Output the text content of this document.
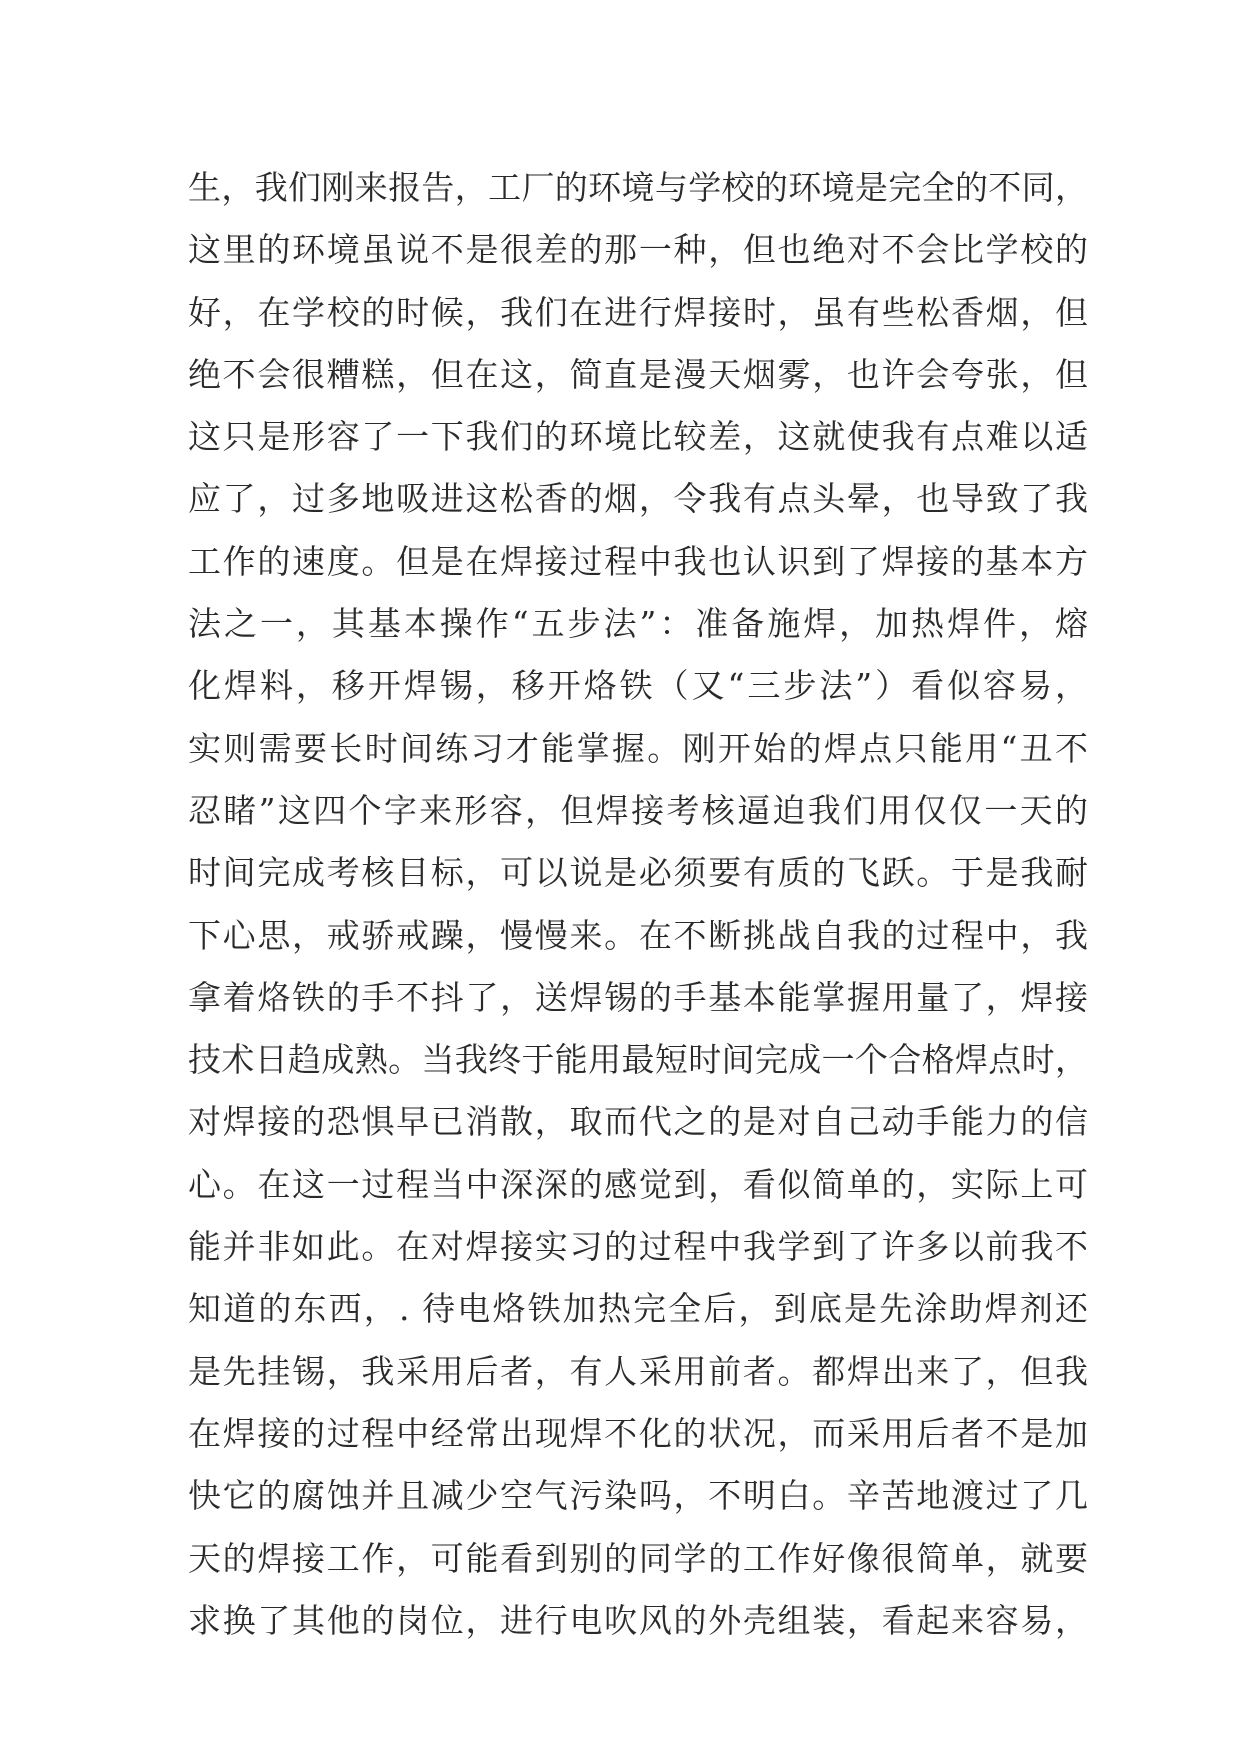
生，我们刚来报告，工厂的环境与学校的环境是完全的不同，
这里的环境虽说不是很差的那一种，但也绝对不会比学校的
好，在学校的时候，我们在进行焊接时，虽有些松香烟，但
绝不会很糟糕，但在这，简直是漫天烟雾，也许会夸张，但
这只是形容了一下我们的环境比较差，这就使我有点难以适
应了，过多地吸进这松香的烟，令我有点头晕，也导致了我
工作的速度。但是在焊接过程中我也认识到了焊接的基本方
法之一，其基本操作“五步法”：准备施焊，加热焊件，熔
化焊料，移开焊锡，移开烙铁（又“三步法”）看似容易，
实则需要长时间练习才能掌握。刚开始的焊点只能用“丑不
忍睹”这四个字来形容，但焊接考核逼迫我们用仅仅一天的
时间完成考核目标，可以说是必须要有质的飞跃。于是我耐
下心思，戒骄戒躁，慢慢来。在不断挑战自我的过程中，我
拿着烙铁的手不抖了，送焊锡的手基本能掌握用量了，焊接
技术日趋成熟。当我终于能用最短时间完成一个合格焊点时，
对焊接的恐惧早已消散，取而代之的是对自己动手能力的信
心。在这一过程当中深深的感觉到，看似简单的，实际上可
能并非如此。在对焊接实习的过程中我学到了许多以前我不
知道的东西，. 待电烙铁加热完全后，到底是先涂助焊剂还
是先挂锡，我采用后者，有人采用前者。都焊出来了，但我
在焊接的过程中经常出现焊不化的状况，而采用后者不是加
快它的腐蚀并且减少空气污染吗，不明白。辛苦地渡过了几
天的焊接工作，可能看到别的同学的工作好像很简单，就要
求换了其他的岗位，进行电吹风的外壳组装，看起来容易，
